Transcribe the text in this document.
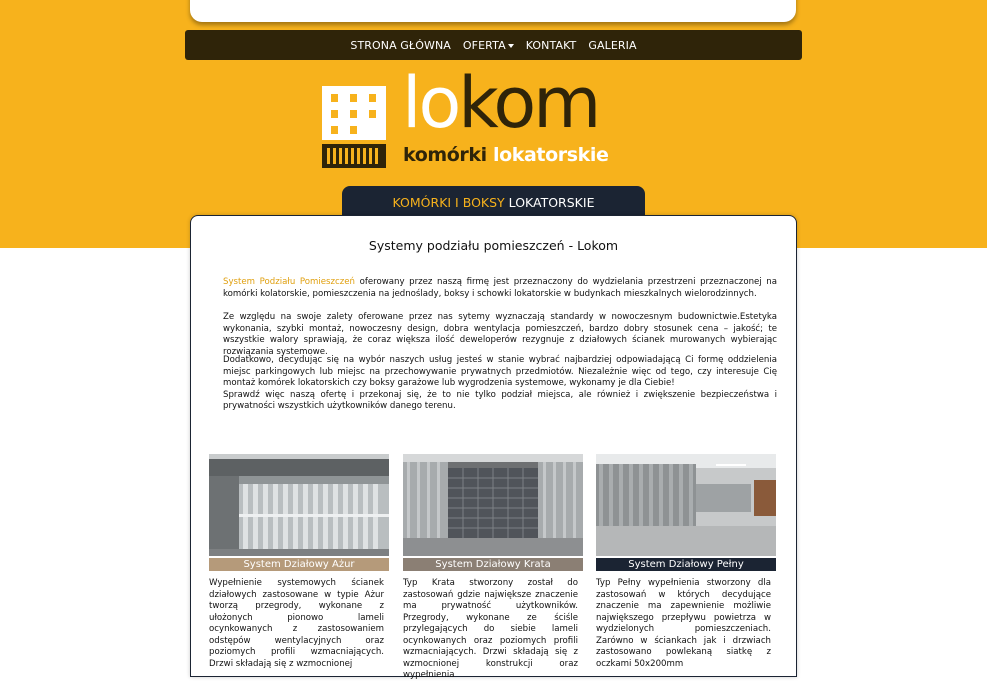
STRONA GŁÓWNA OFERTA	KONTAKT GALERIA
lokom
komórki lokatorskie
KOMÓRKI I BOKSY LOKATORSKIE
Systemy podziału pomieszczeń - Lokom

System Podziału Pomieszczeń oferowany przez naszą firmę jest przeznaczony do wydzielania przestrzeni przeznaczonej na komórki kolatorskie, pomieszczenia na jednoślady, boksy i schowki lokatorskie w budynkach mieszkalnych wielorodzinnych.

Ze względu na swoje zalety oferowane przez nas sytemy wyznaczają standardy w nowoczesnym budownictwie.Estetyka wykonania, szybki montaż, nowoczesny design, dobra wentylacja pomieszczeń, bardzo dobry stosunek cena – jakość; te wszystkie walory sprawiają, że coraz większa ilość deweloperów rezygnuje z działowych ścianek murowanych wybierając rozwiązania systemowe.

Dodatkowo, decydując się na wybór naszych usług jesteś w stanie wybrać najbardziej odpowiadającą Ci formę oddzielenia miejsc parkingowych lub miejsc na przechowywanie prywatnych przedmiotów. Niezależnie więc od tego, czy interesuje Cię montaż komórek lokatorskich czy boksy garażowe lub wygrodzenia systemowe, wykonamy je dla Ciebie!

Sprawdź więc naszą ofertę i przekonaj się, że to nie tylko podział miejsca, ale również i zwiększenie bezpieczeństwa i prywatności wszystkich użytkowników danego terenu.

System Działowy Ażur
Wypełnienie systemowych ścianek działowych zastosowane w typie Ażur tworzą przegrody, wykonane z ułożonych pionowo lameli ocynkowanych z zastosowaniem odstępów wentylacyjnych oraz poziomych profili wzmacniających. Drzwi składają się z wzmocnionej
System Działowy Krata
Typ Krata stworzony został do zastosowań gdzie największe znaczenie ma prywatność użytkowników. Przegrody, wykonane ze ściśle przylegających do siebie lameli ocynkowanych oraz poziomych profili wzmacniających. Drzwi składają się z wzmocnionej konstrukcji oraz wypełnienia
System Działowy Pełny
Typ Pełny wypełnienia stworzony dla zastosowań w których decydujące znaczenie ma zapewnienie możliwie największego przepływu powietrza w wydzielonych pomieszczeniach. Zarówno w ściankach jak i drzwiach zastosowano powlekaną siatkę z oczkami 50x200mm
